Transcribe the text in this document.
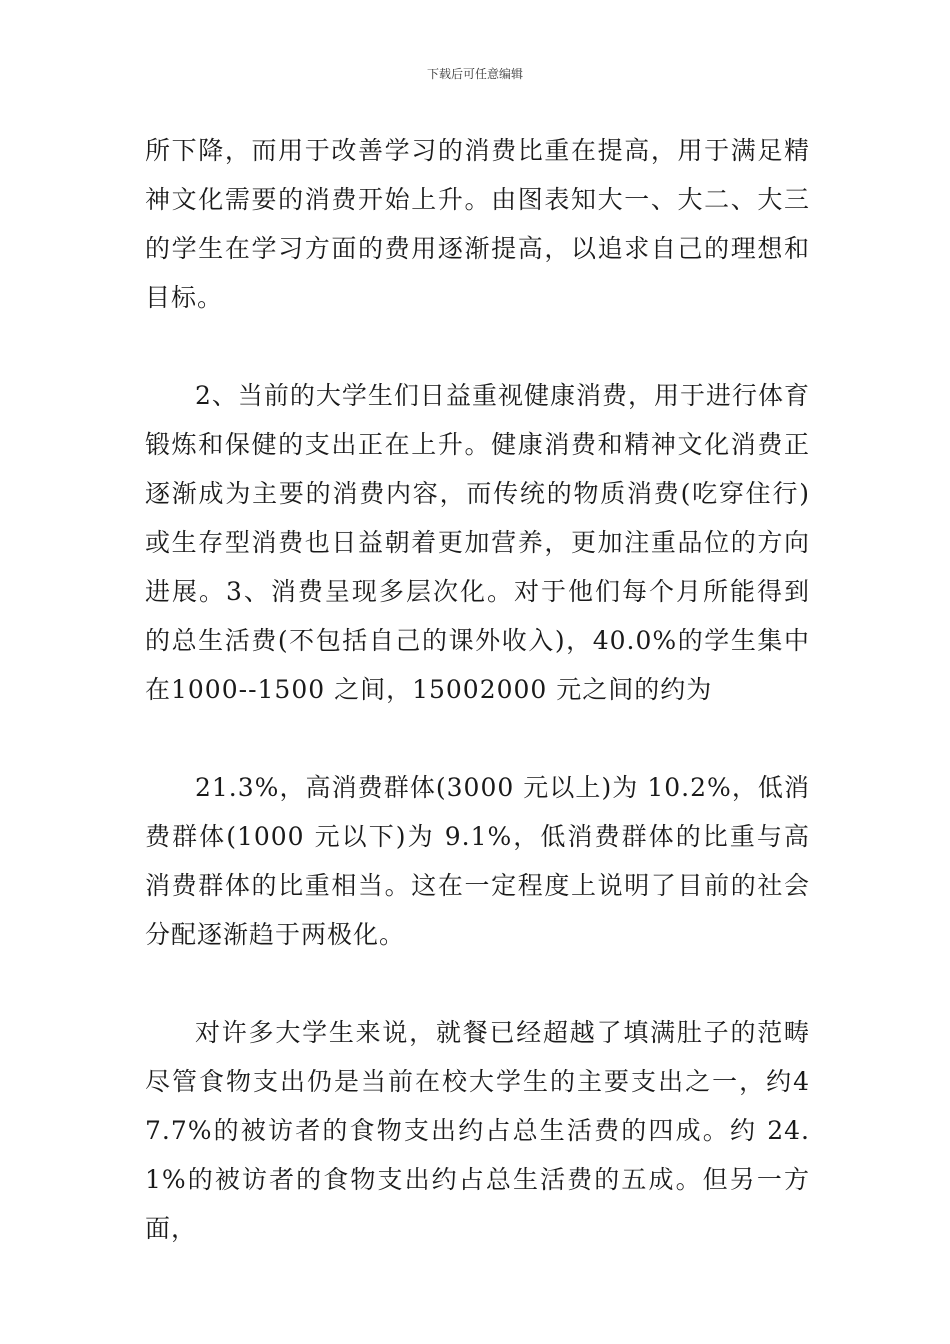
下载后可任意编辑

所下降，而用于改善学习的消费比重在提高，用于满足精神文化需要的消费开始上升。由图表知大一、大二、大三的学生在学习方面的费用逐渐提高，以追求自己的理想和目标。

2、当前的大学生们日益重视健康消费，用于进行体育锻炼和保健的支出正在上升。健康消费和精神文化消费正逐渐成为主要的消费内容，而传统的物质消费(吃穿住行)或生存型消费也日益朝着更加营养，更加注重品位的方向进展。3、消费呈现多层次化。对于他们每个月所能得到的总生活费(不包括自己的课外收入)，40.0%的学生集中在1000--1500 之间，15002000 元之间的约为

21.3%，高消费群体(3000 元以上)为 10.2%，低消费群体(1000 元以下)为 9.1%，低消费群体的比重与高消费群体的比重相当。这在一定程度上说明了目前的社会分配逐渐趋于两极化。

对许多大学生来说，就餐已经超越了填满肚子的范畴尽管食物支出仍是当前在校大学生的主要支出之一，约47.7%的被访者的食物支出约占总生活费的四成。约 24.1%的被访者的食物支出约占总生活费的五成。但另一方面，
